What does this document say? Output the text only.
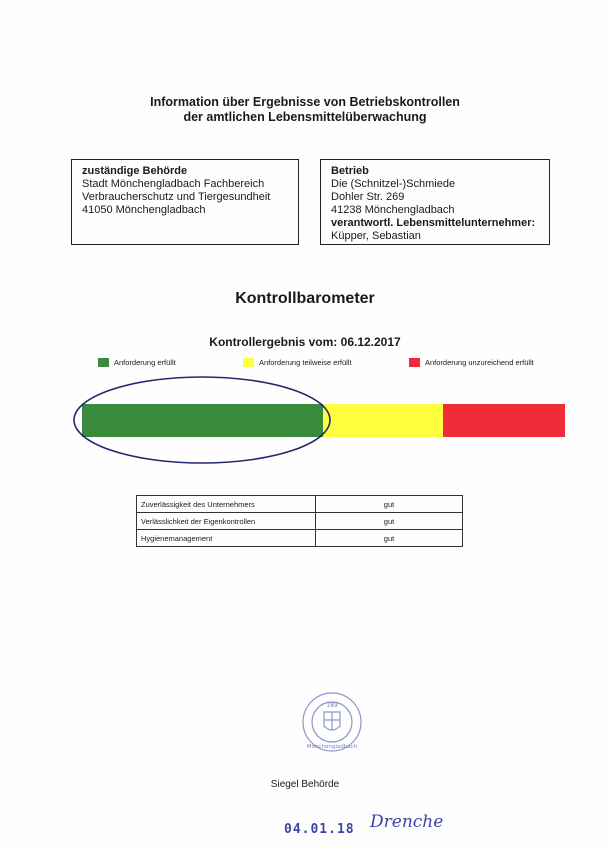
Information über Ergebnisse von Betriebskontrollen
der amtlichen Lebensmittelüberwachung
zuständige Behörde
Stadt Mönchengladbach Fachbereich
Verbraucherschutz und Tiergesundheit
41050 Mönchengladbach
Betrieb
Die (Schnitzel-)Schmiede
Dohler Str. 269
41238 Mönchengladbach
verantwortl. Lebensmittelunternehmer:
Küpper, Sebastian
Kontrollbarometer
Kontrollergebnis vom: 06.12.2017
Anforderung erfüllt	Anforderung teilweise erfüllt	Anforderung unzureichend erfüllt
Zuverlässigkeit des Unternehmers	gut
Verlässlichkeit der Eigenkontrollen	gut
Hygienemanagement	gut
189
Mönchengladbach
Siegel Behörde
04.01.18 Drenche
